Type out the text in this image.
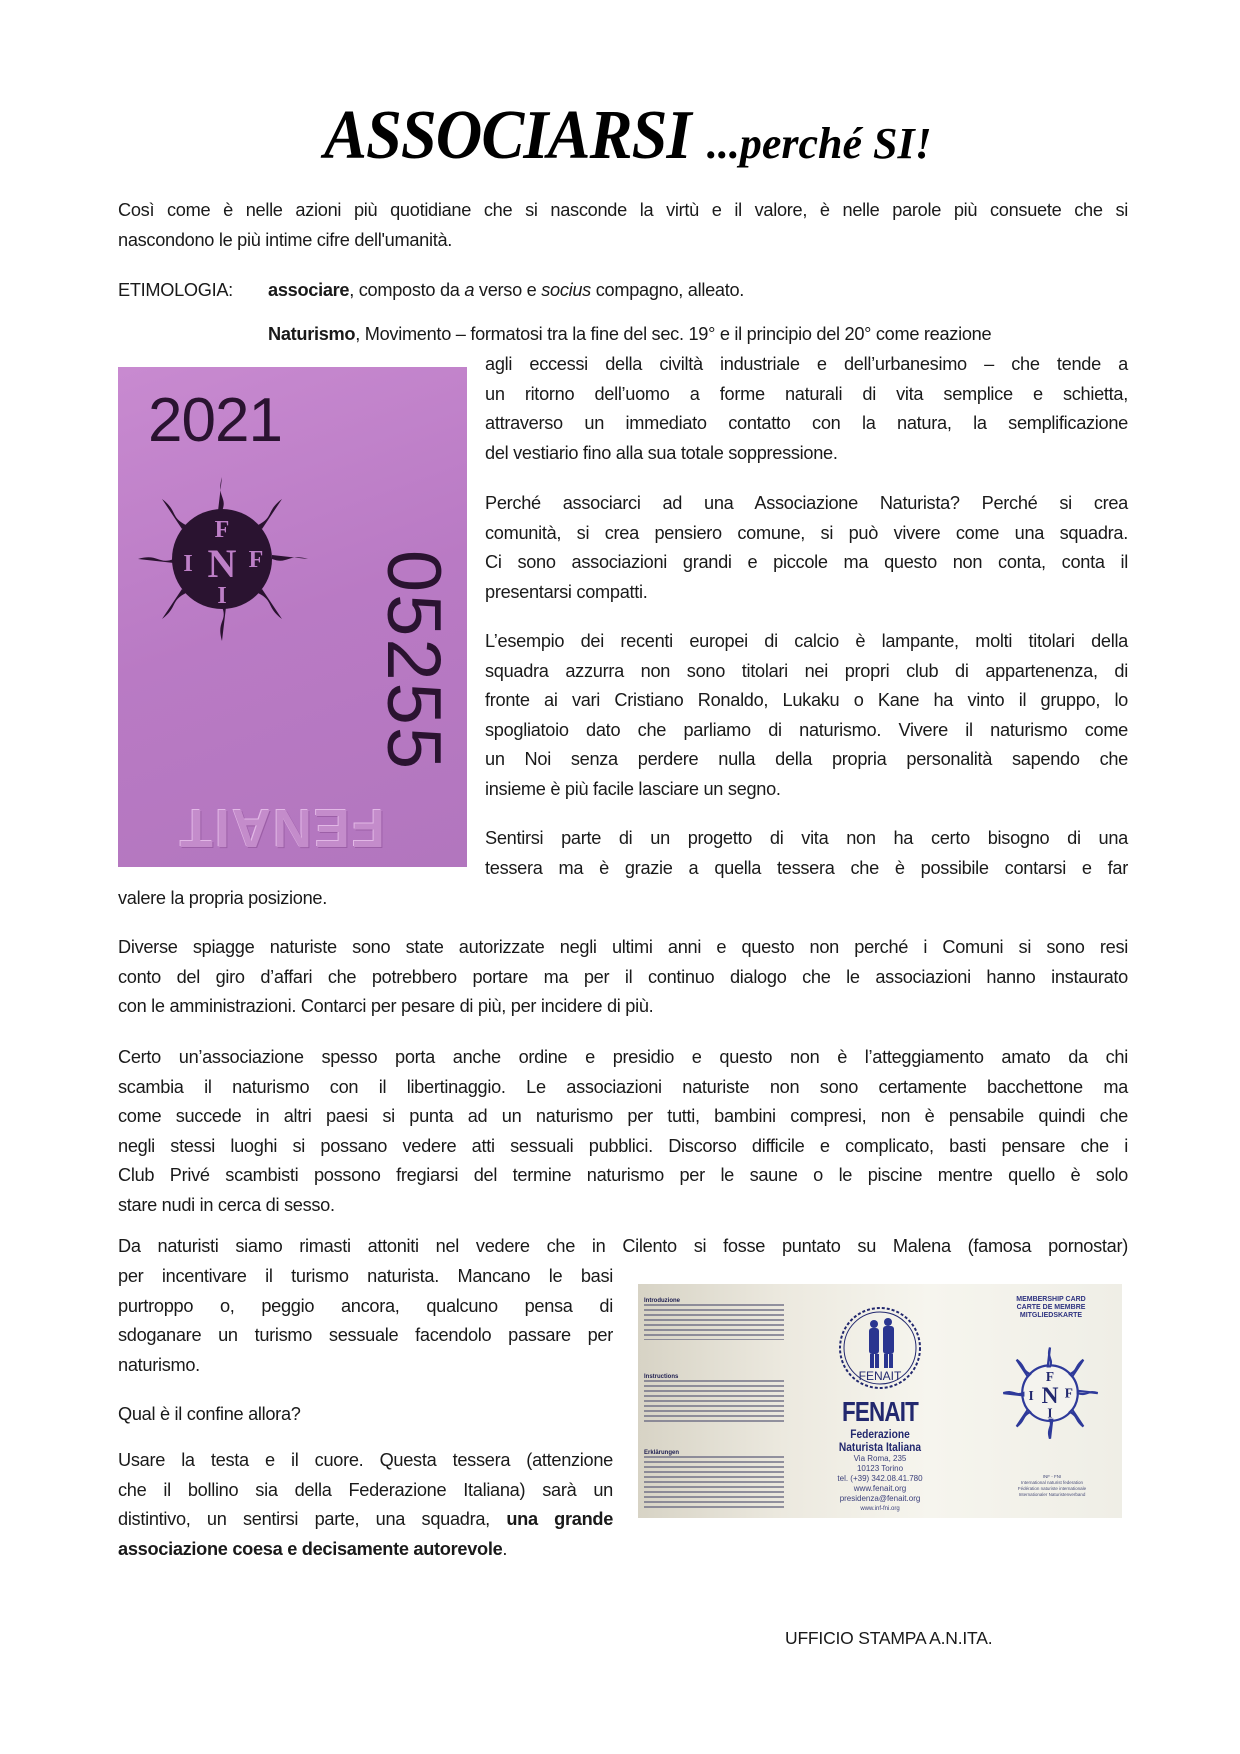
ASSOCIARSI ...perché SI!
Così come è nelle azioni più quotidiane che si nasconde la virtù e il valore, è nelle parole più consuete che si
nascondono le più intime cifre dell'umanità.
ETIMOLOGIA: associare, composto da a verso e socius compagno, alleato.
Naturismo, Movimento – formatosi tra la fine del sec. 19° e il principio del 20° come reazione
agli eccessi della civiltà industriale e dell’urbanesimo – che tende a
un ritorno dell’uomo a forme naturali di vita semplice e schietta,
attraverso un immediato contatto con la natura, la semplificazione
del vestiario fino alla sua totale soppressione.
2021
F
I N F
I 05255
FENAIT
Perché associarci ad una Associazione Naturista? Perché si crea
comunità, si crea pensiero comune, si può vivere come una squadra.
Ci sono associazioni grandi e piccole ma questo non conta, conta il
presentarsi compatti.
L’esempio dei recenti europei di calcio è lampante, molti titolari della
squadra azzurra non sono titolari nei propri club di appartenenza, di
fronte ai vari Cristiano Ronaldo, Lukaku o Kane ha vinto il gruppo, lo
spogliatoio dato che parliamo di naturismo. Vivere il naturismo come
un Noi senza perdere nulla della propria personalità sapendo che
insieme è più facile lasciare un segno.
Sentirsi parte di un progetto di vita non ha certo bisogno di una
tessera ma è grazie a quella tessera che è possibile contarsi e far
valere la propria posizione.
Diverse spiagge naturiste sono state autorizzate negli ultimi anni e questo non perché i Comuni si sono resi
conto del giro d’affari che potrebbero portare ma per il continuo dialogo che le associazioni hanno instaurato
con le amministrazioni. Contarci per pesare di più, per incidere di più.
Certo un’associazione spesso porta anche ordine e presidio e questo non è l’atteggiamento amato da chi
scambia il naturismo con il libertinaggio. Le associazioni naturiste non sono certamente bacchettone ma
come succede in altri paesi si punta ad un naturismo per tutti, bambini compresi, non è pensabile quindi che
negli stessi luoghi si possano vedere atti sessuali pubblici. Discorso difficile e complicato, basti pensare che i
Club Privé scambisti possono fregiarsi del termine naturismo per le saune o le piscine mentre quello è solo
stare nudi in cerca di sesso.
Da naturisti siamo rimasti attoniti nel vedere che in Cilento si fosse puntato su Malena (famosa pornostar)
per incentivare il turismo naturista. Mancano le basi
purtroppo o, peggio ancora, qualcuno pensa di
sdoganare un turismo sessuale facendolo passare per
naturismo.
Qual è il confine allora?
Usare la testa e il cuore. Questa tessera (attenzione
che il bollino sia della Federazione Italiana) sarà un
distintivo, un sentirsi parte, una squadra, una grande
associazione coesa e decisamente autorevole.
Introduzione
Instructions
Erklärungen
FENAIT
FENAIT
Federazione
Naturista Italiana
Via Roma, 235
10123 Torino
tel. (+39) 342.08.41.780
www.fenait.org
presidenza@fenait.org
www.inf-fni.org
MEMBERSHIP CARD
CARTE DE MEMBRE
MITGLIEDSKARTE
F
I N F
I
INF - FNI
International naturist federation
Fédération naturiste internationale
Internationaler Naturistenverband
UFFICIO STAMPA A.N.ITA.
